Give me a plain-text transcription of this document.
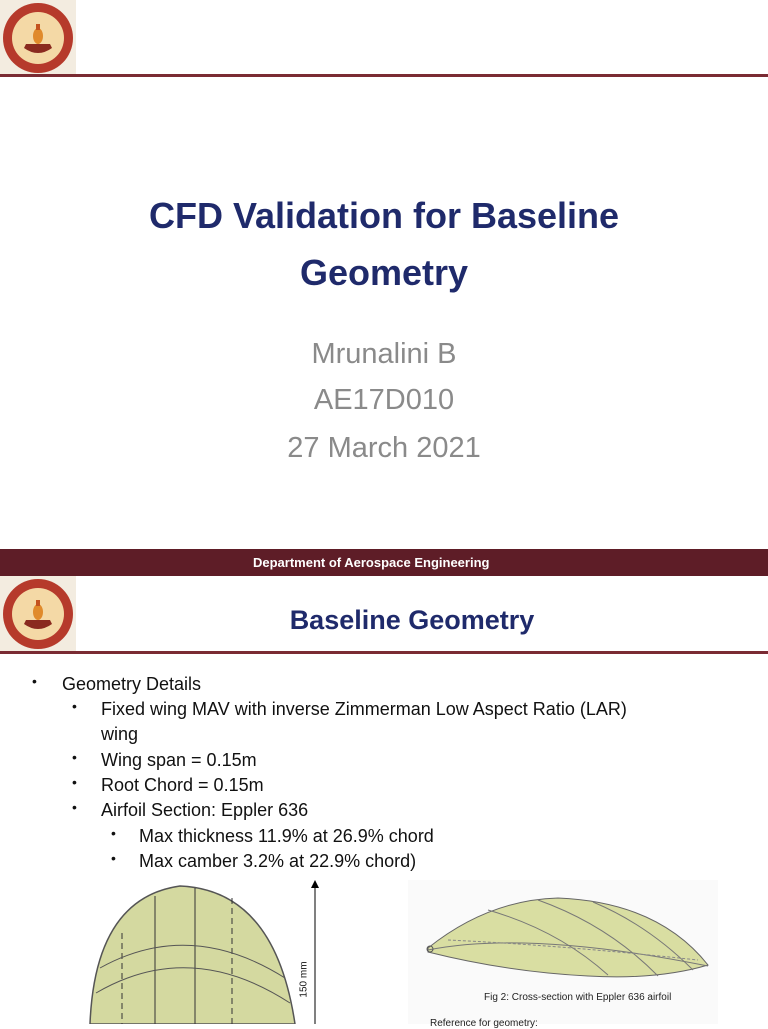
CFD Validation for Baseline
Geometry
Mrunalini B
AE17D010
27 March 2021
Department of Aerospace Engineering
Baseline Geometry
• Geometry Details
• Fixed wing MAV with inverse Zimmerman Low Aspect Ratio (LAR)
wing
• Wing span = 0.15m
• Root Chord = 0.15m
• Airfoil Section: Eppler 636
• Max thickness 11.9% at 26.9% chord
• Max camber 3.2% at 22.9% chord)
150 mm	Fig 2: Cross-section with Eppler 636 airfoil
Reference for geometry:
